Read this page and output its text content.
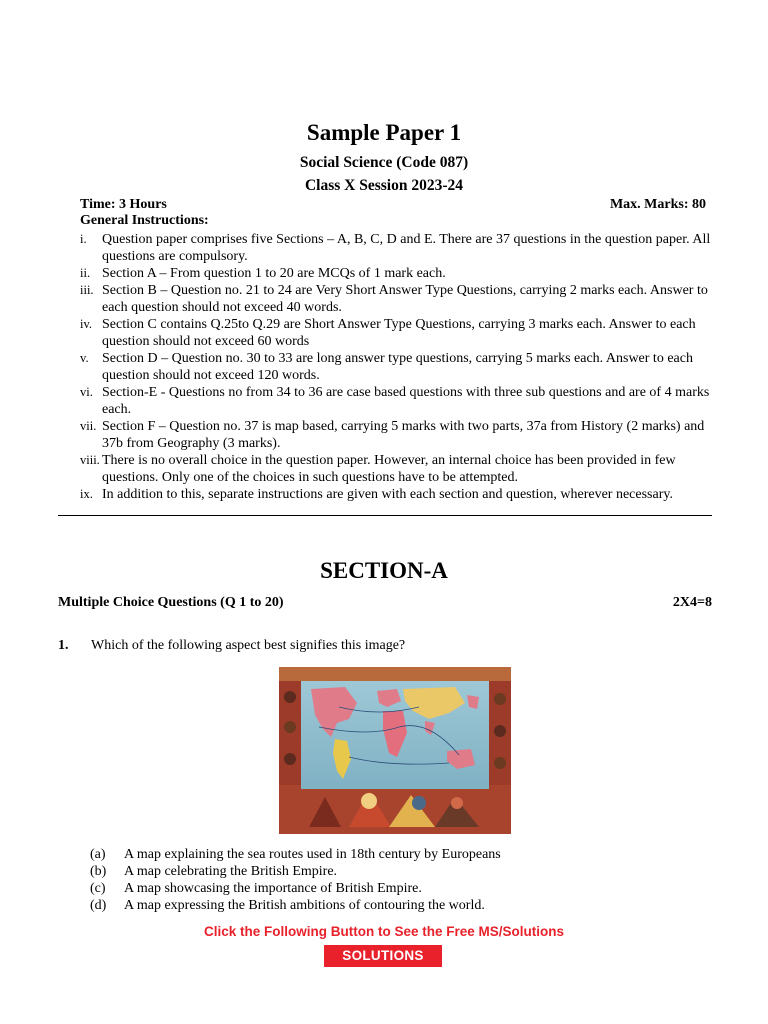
Sample Paper 1

Social Science (Code 087)

Class X Session 2023-24

Time: 3 Hours	Max. Marks: 80
General Instructions:
i. Question paper comprises five Sections – A, B, C, D and E. There are 37 questions in the question paper. All questions are compulsory.
ii. Section A – From question 1 to 20 are MCQs of 1 mark each.
iii. Section B – Question no. 21 to 24 are Very Short Answer Type Questions, carrying 2 marks each. Answer to each question should not exceed 40 words.
iv. Section C contains Q.25to Q.29 are Short Answer Type Questions, carrying 3 marks each. Answer to each question should not exceed 60 words
v. Section D – Question no. 30 to 33 are long answer type questions, carrying 5 marks each. Answer to each question should not exceed 120 words.
vi. Section-E - Questions no from 34 to 36 are case based questions with three sub questions and are of 4 marks each.
vii. Section F – Question no. 37 is map based, carrying 5 marks with two parts, 37a from History (2 marks) and 37b from Geography (3 marks).
viii. There is no overall choice in the question paper. However, an internal choice has been provided in few questions. Only one of the choices in such questions have to be attempted.
ix. In addition to this, separate instructions are given with each section and question, wherever necessary.
SECTION-A
Multiple Choice Questions (Q 1 to 20)	2X4=8
1. Which of the following aspect best signifies this image?
(a) A map explaining the sea routes used in 18th century by Europeans
(b) A map celebrating the British Empire.
(c) A map showcasing the importance of British Empire.
(d) A map expressing the British ambitions of contouring the world.
Click the Following Button to See the Free MS/Solutions
SOLUTIONS
